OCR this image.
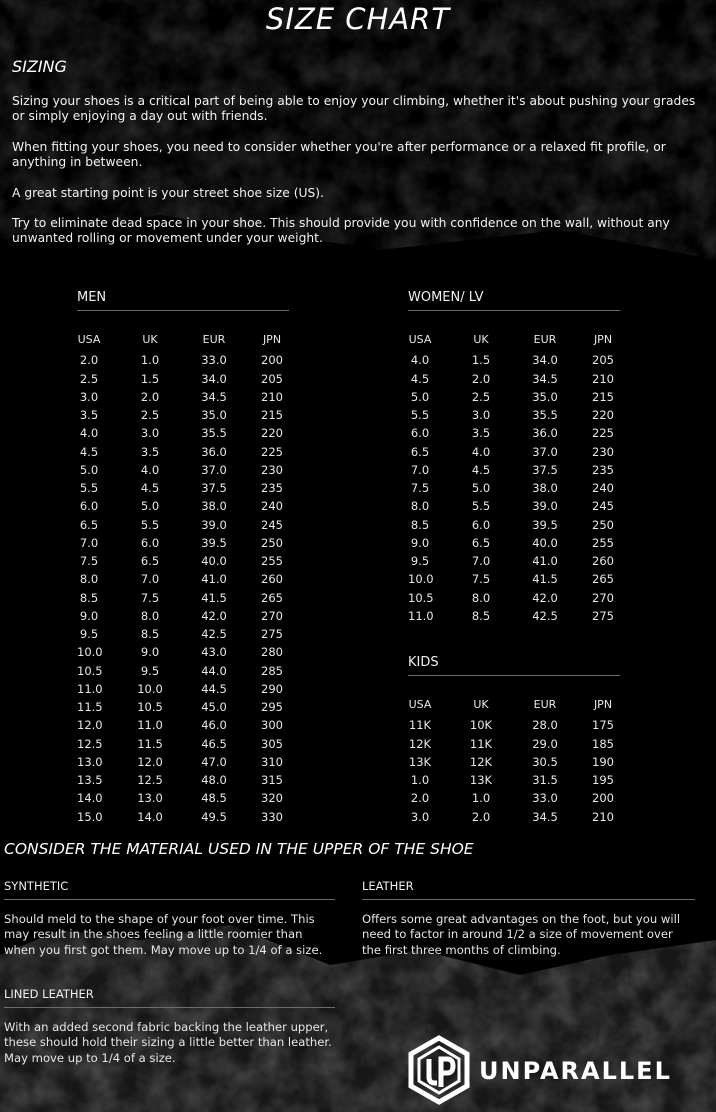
SIZE CHART
SIZING

Sizing your shoes is a critical part of being able to enjoy your climbing, whether it's about pushing your grades or simply enjoying a day out with friends.

When fitting your shoes, you need to consider whether you're after performance or a relaxed fit profile, or anything in between.

A great starting point is your street shoe size (US).

Try to eliminate dead space in your shoe. This should provide you with confidence on the wall, without any unwanted rolling or movement under your weight.

MEN
USA	UK	EUR	JPN
2.0	1.0	33.0	200
2.5	1.5	34.0	205
3.0	2.0	34.5	210
3.5	2.5	35.0	215
4.0	3.0	35.5	220
4.5	3.5	36.0	225
5.0	4.0	37.0	230
5.5	4.5	37.5	235
6.0	5.0	38.0	240
6.5	5.5	39.0	245
7.0	6.0	39.5	250
7.5	6.5	40.0	255
8.0	7.0	41.0	260
8.5	7.5	41.5	265
9.0	8.0	42.0	270
9.5	8.5	42.5	275
10.0	9.0	43.0	280
10.5	9.5	44.0	285
11.0	10.0	44.5	290
11.5	10.5	45.0	295
12.0	11.0	46.0	300
12.5	11.5	46.5	305
13.0	12.0	47.0	310
13.5	12.5	48.0	315
14.0	13.0	48.5	320
15.0	14.0	49.5	330
WOMEN/ LV
USA	UK	EUR	JPN
4.0	1.5	34.0	205
4.5	2.0	34.5	210
5.0	2.5	35.0	215
5.5	3.0	35.5	220
6.0	3.5	36.0	225
6.5	4.0	37.0	230
7.0	4.5	37.5	235
7.5	5.0	38.0	240
8.0	5.5	39.0	245
8.5	6.0	39.5	250
9.0	6.5	40.0	255
9.5	7.0	41.0	260
10.0	7.5	41.5	265
10.5	8.0	42.0	270
11.0	8.5	42.5	275
KIDS
USA	UK	EUR	JPN
11K	10K	28.0	175
12K	11K	29.0	185
13K	12K	30.5	190
1.0	13K	31.5	195
2.0	1.0	33.0	200
3.0	2.0	34.5	210
CONSIDER THE MATERIAL USED IN THE UPPER OF THE SHOE
SYNTHETIC

Should meld to the shape of your foot over time. This may result in the shoes feeling a little roomier than when you first got them. May move up to 1/4 of a size.

LEATHER

Offers some great advantages on the foot, but you will need to factor in around 1/2 a size of movement over the first three months of climbing.

LINED LEATHER

With an added second fabric backing the leather upper, these should hold their sizing a little better than leather. May move up to 1/4 of a size.	UNPARALLEL
